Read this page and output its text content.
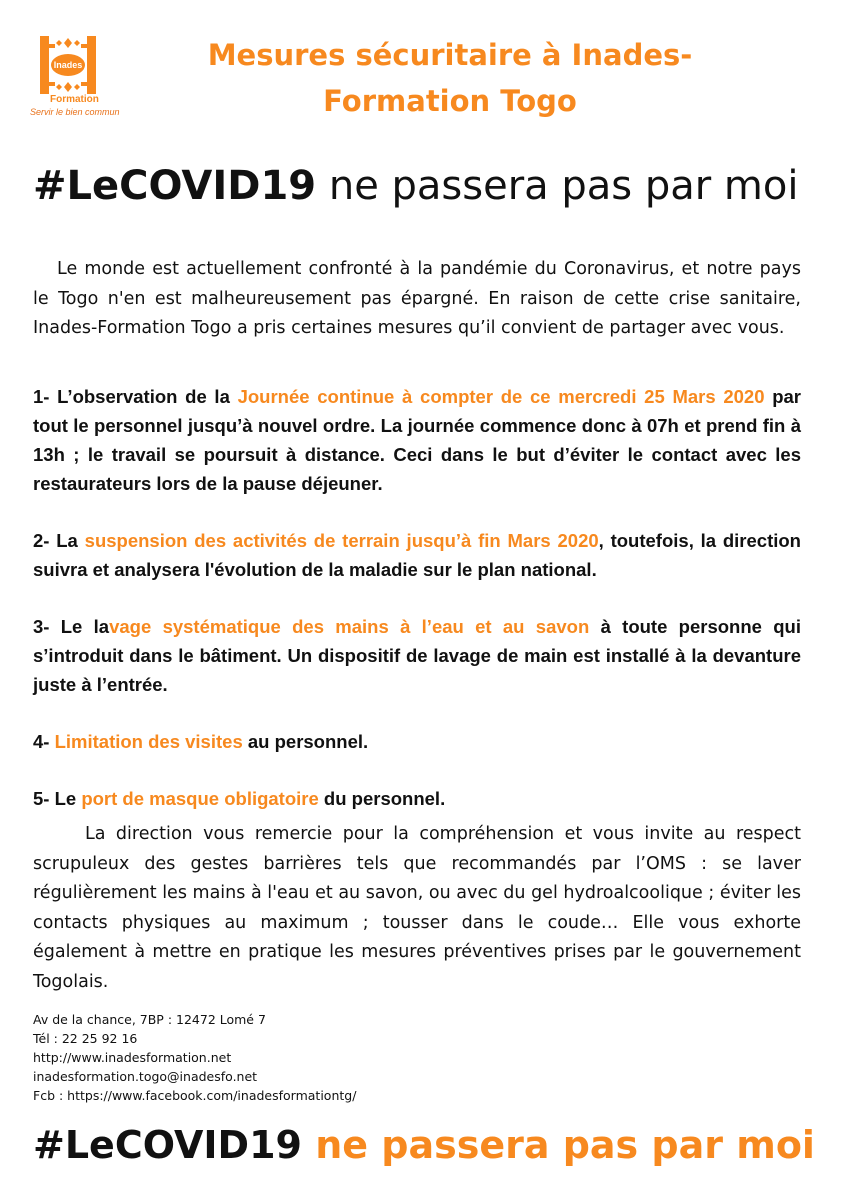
Inades
Formation
Servir le bien commun
Mesures sécuritaire à Inades-
Formation Togo
#LeCOVID19 ne passera pas par moi
Le monde est actuellement confronté à la pandémie du Coronavirus, et notre pays le Togo n'en est malheureusement pas épargné. En raison de cette crise sanitaire, Inades-Formation Togo a pris certaines mesures qu’il convient de partager avec vous.
1- L’observation de la Journée continue à compter de ce mercredi 25 Mars 2020 par tout le personnel jusqu’à nouvel ordre. La journée commence donc à 07h et prend fin à 13h ; le travail se poursuit à distance. Ceci dans le but d’éviter le contact avec les restaurateurs lors de la pause déjeuner.
2- La suspension des activités de terrain jusqu’à fin Mars 2020, toutefois, la direction suivra et analysera l'évolution de la maladie sur le plan national.
3- Le lavage systématique des mains à l’eau et au savon à toute personne qui s’introduit dans le bâtiment. Un dispositif de lavage de main est installé à la devanture juste à l’entrée.
4- Limitation des visites au personnel.
5- Le port de masque obligatoire du personnel.
La direction vous remercie pour la compréhension et vous invite au respect scrupuleux des gestes barrières tels que recommandés par l’OMS : se laver régulièrement les mains à l'eau et au savon, ou avec du gel hydroalcoolique ; éviter les contacts physiques au maximum ; tousser dans le coude… Elle vous exhorte également à mettre en pratique les mesures préventives prises par le gouvernement Togolais.
Av de la chance, 7BP : 12472 Lomé 7
Tél : 22 25 92 16
http://www.inadesformation.net
inadesformation.togo@inadesfo.net
Fcb : https://www.facebook.com/inadesformationtg/
#LeCOVID19 ne passera pas par moi
